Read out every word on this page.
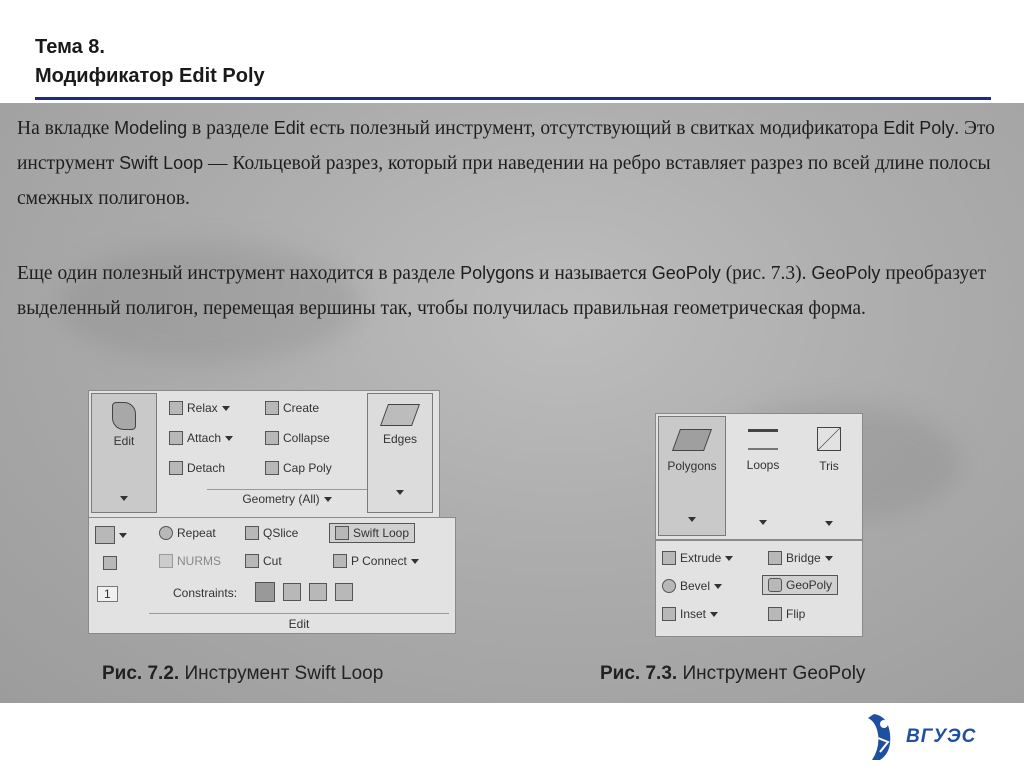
Тема 8.
Модификатор Edit Poly
На вкладке Modeling в разделе Edit есть полезный инструмент, отсутствующий в свитках модификатора Edit Poly. Это инструмент Swift Loop — Кольцевой разрез, который при наведении на ребро вставляет разрез по всей длине полосы смежных полигонов.
Еще один полезный инструмент находится в разделе Polygons и называется GeoPoly (рис. 7.3). GeoPoly преобразует выделенный полигон, перемещая вершины так, чтобы получилась правильная геометрическая форма.
Edit
Relax
Attach
Detach
Create
Collapse
Cap Poly
Geometry (All)
Edges
1
Repeat
NURMS
QSlice
Cut
Swift Loop
P Connect
Constraints:
Edit
Рис. 7.2. Инструмент Swift Loop
Polygons	Loops	Tris
Extrude
Bevel
Inset
Bridge
GeoPoly
Flip
Рис. 7.3. Инструмент GeoPoly
ВГУЭС
